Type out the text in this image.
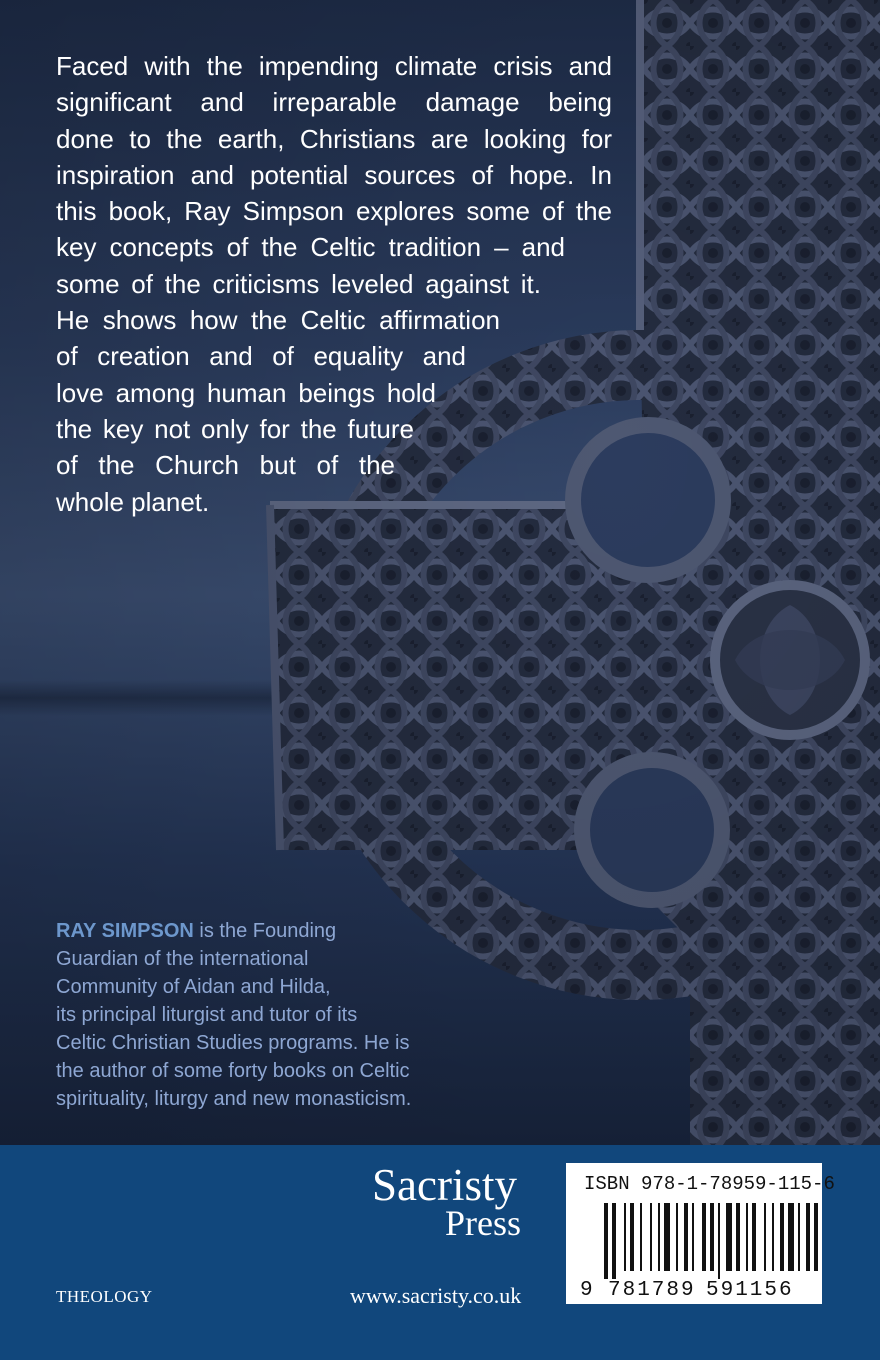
Faced with the impending climate crisis and
significant and irreparable damage being
done to the earth, Christians are looking for
inspiration and potential sources of hope. In
this book, Ray Simpson explores some of the
key concepts of the Celtic tradition – and
some of the criticisms leveled against it.
He shows how the Celtic affirmation
of creation and of equality and
love among human beings hold
the key not only for the future
of the Church but of the
whole planet.
RAY SIMPSON is the Founding
Guardian of the international
Community of Aidan and Hilda,
its principal liturgist and tutor of its
Celtic Christian Studies programs. He is
the author of some forty books on Celtic
spirituality, liturgy and new monasticism.
Sacristy
Press
THEOLOGY	www.sacristy.co.uk
ISBN 978-1-78959-115-6
9 781789 591156
